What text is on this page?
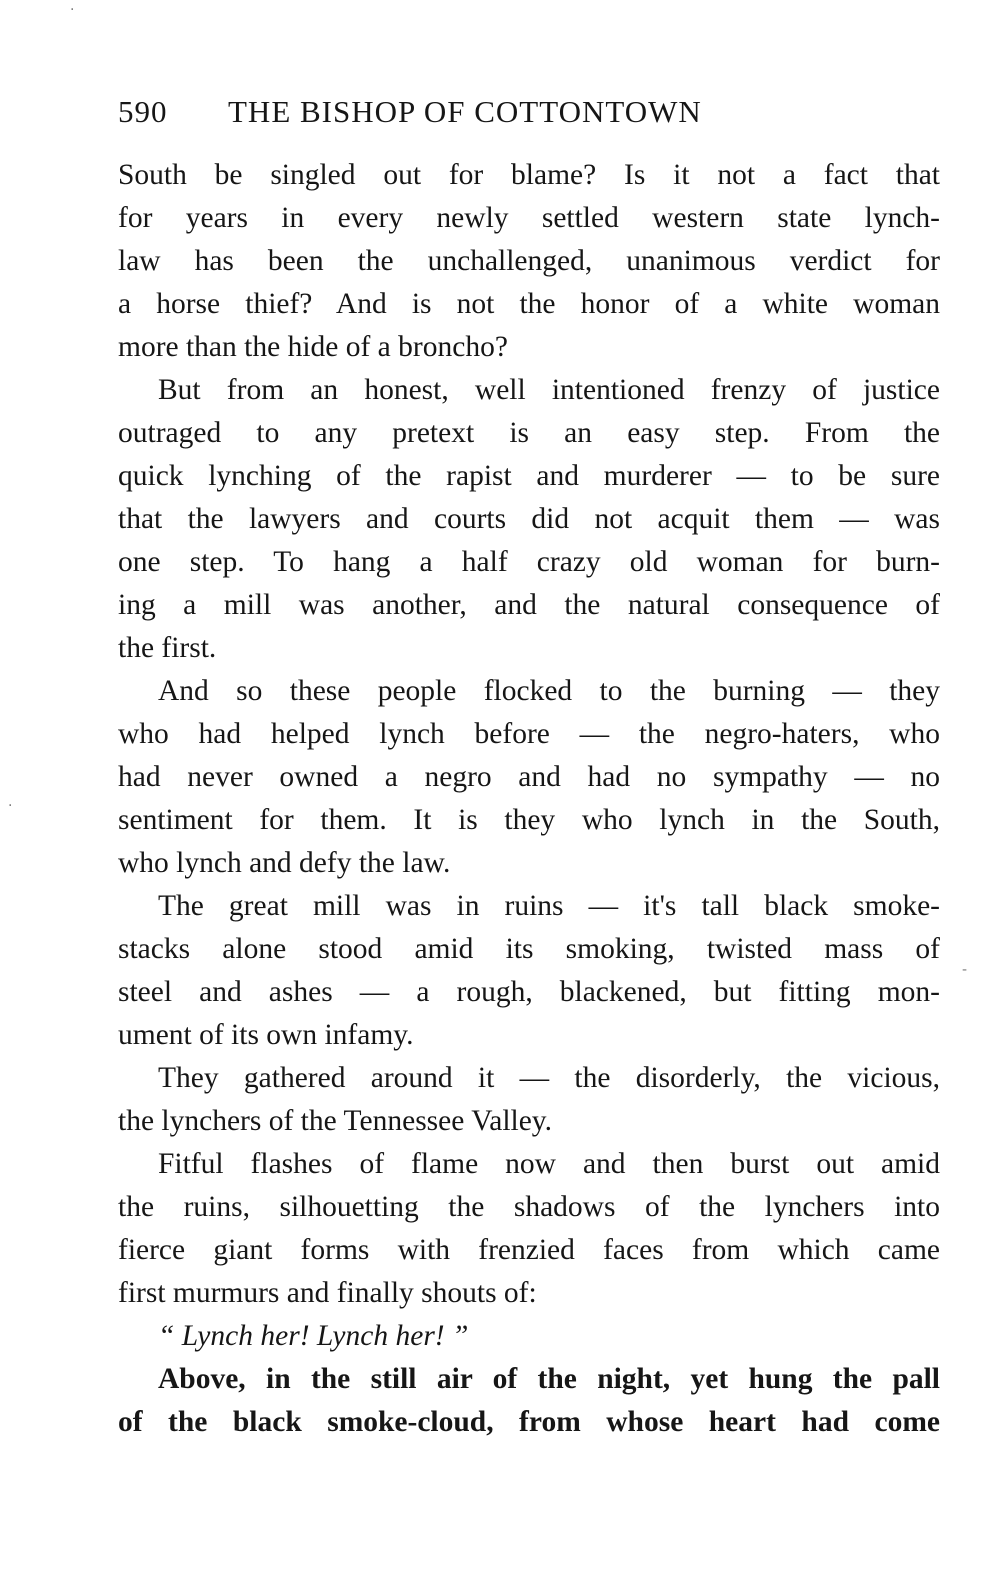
590 THE BISHOP OF COTTONTOWN
South be singled out for blame? Is it not a fact that
for years in every newly settled western state lynch-
law has been the unchallenged, unanimous verdict for
a horse thief? And is not the honor of a white woman
more than the hide of a broncho?
But from an honest, well intentioned frenzy of justice
outraged to any pretext is an easy step. From the
quick lynching of the rapist and murderer — to be sure
that the lawyers and courts did not acquit them — was
one step. To hang a half crazy old woman for burn-
ing a mill was another, and the natural consequence of
the first.
And so these people flocked to the burning — they
who had helped lynch before — the negro-haters, who
had never owned a negro and had no sympathy — no
sentiment for them. It is they who lynch in the South,
who lynch and defy the law.
The great mill was in ruins — it's tall black smoke-
stacks alone stood amid its smoking, twisted mass of
steel and ashes — a rough, blackened, but fitting mon-
ument of its own infamy.
They gathered around it — the disorderly, the vicious,
the lynchers of the Tennessee Valley.
Fitful flashes of flame now and then burst out amid
the ruins, silhouetting the shadows of the lynchers into
fierce giant forms with frenzied faces from which came
first murmurs and finally shouts of:
“ Lynch her! Lynch her! ”
Above, in the still air of the night, yet hung the pall
of the black smoke-cloud, from whose heart had come
·
·
-
